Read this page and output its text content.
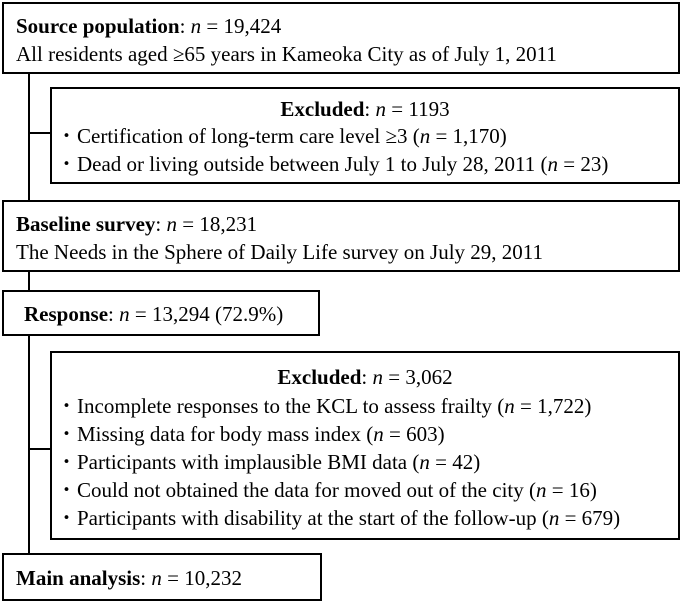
Source population: n = 19,424
All residents aged ≥65 years in Kameoka City as of July 1, 2011
Excluded: n = 1193
・Certification of long-term care level ≥3 (n = 1,170)
・Dead or living outside between July 1 to July 28, 2011 (n = 23)
Baseline survey: n = 18,231
The Needs in the Sphere of Daily Life survey on July 29, 2011
Response: n = 13,294 (72.9%)
Excluded: n = 3,062
・Incomplete responses to the KCL to assess frailty (n = 1,722)
・Missing data for body mass index (n = 603)
・Participants with implausible BMI data (n = 42)
・Could not obtained the data for moved out of the city (n = 16)
・Participants with disability at the start of the follow-up (n = 679)
Main analysis: n = 10,232
